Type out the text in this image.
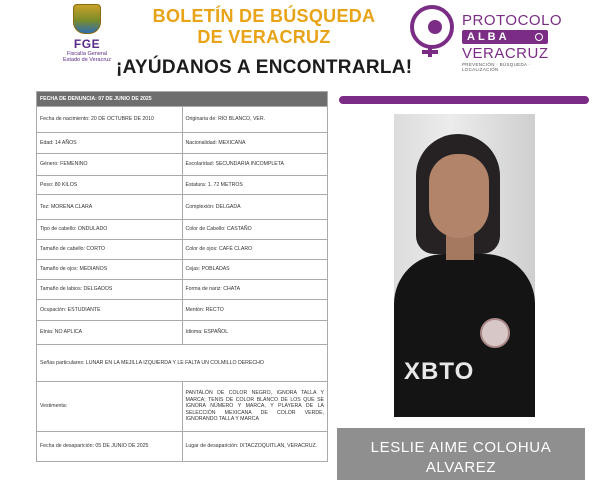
FGE
Fiscalía General
Estado de Veracruz
BOLETÍN DE BÚSQUEDA DE VERACRUZ
¡AYÚDANOS A ENCONTRARLA!
PROTOCOLO
ALBA
VERACRUZ
PREVENCIÓN · BÚSQUEDA · LOCALIZACIÓN
FECHA DE DENUNCIA: 07 DE JUNIO DE 2025	
Fecha de nacimiento: 20 DE OCTUBRE DE 2010	Originaria de: RÍO BLANCO, VER.
Edad: 14 AÑOS	Nacionalidad: MEXICANA
Género: FEMENINO	Escolaridad: SECUNDARIA INCOMPLETA
Peso: 80 KILOS	Estatura: 1. 72 METROS
Tez: MORENA CLARA	Complexión: DELGADA
Tipo de cabello: ONDULADO	Color de Cabello: CASTAÑO
Tamaño de cabello: CORTO	Color de ojos: CAFÉ CLARO
Tamaño de ojos: MEDIANOS	Cejas: POBLADAS
Tamaño de labios: DELGADOS	Forma de nariz: CHATA
Ocupación: ESTUDIANTE	Mentón: RECTO
Etnia: NO APLICA	Idioma: ESPAÑOL
Señas particulares: LUNAR EN LA MEJILLA IZQUIERDA Y LE FALTA UN COLMILLO DERECHO	
Vestimenta:	PANTALÓN DE COLOR NEGRO, IGNORA TALLA Y MARCA; TENIS DE COLOR BLANCO DE LOS QUE SE IGNORA NÚMERO Y MARCA, Y PLAYERA DE LA SELECCIÓN MEXICANA DE COLOR VERDE, IGNORANDO TALLA Y MARCA
Fecha de desaparición: 05 DE JUNIO DE 2025	Lugar de desaparición: IXTACZOQUITLAN, VERACRUZ.
XBTO
LESLIE AIME COLOHUA
ALVAREZ
